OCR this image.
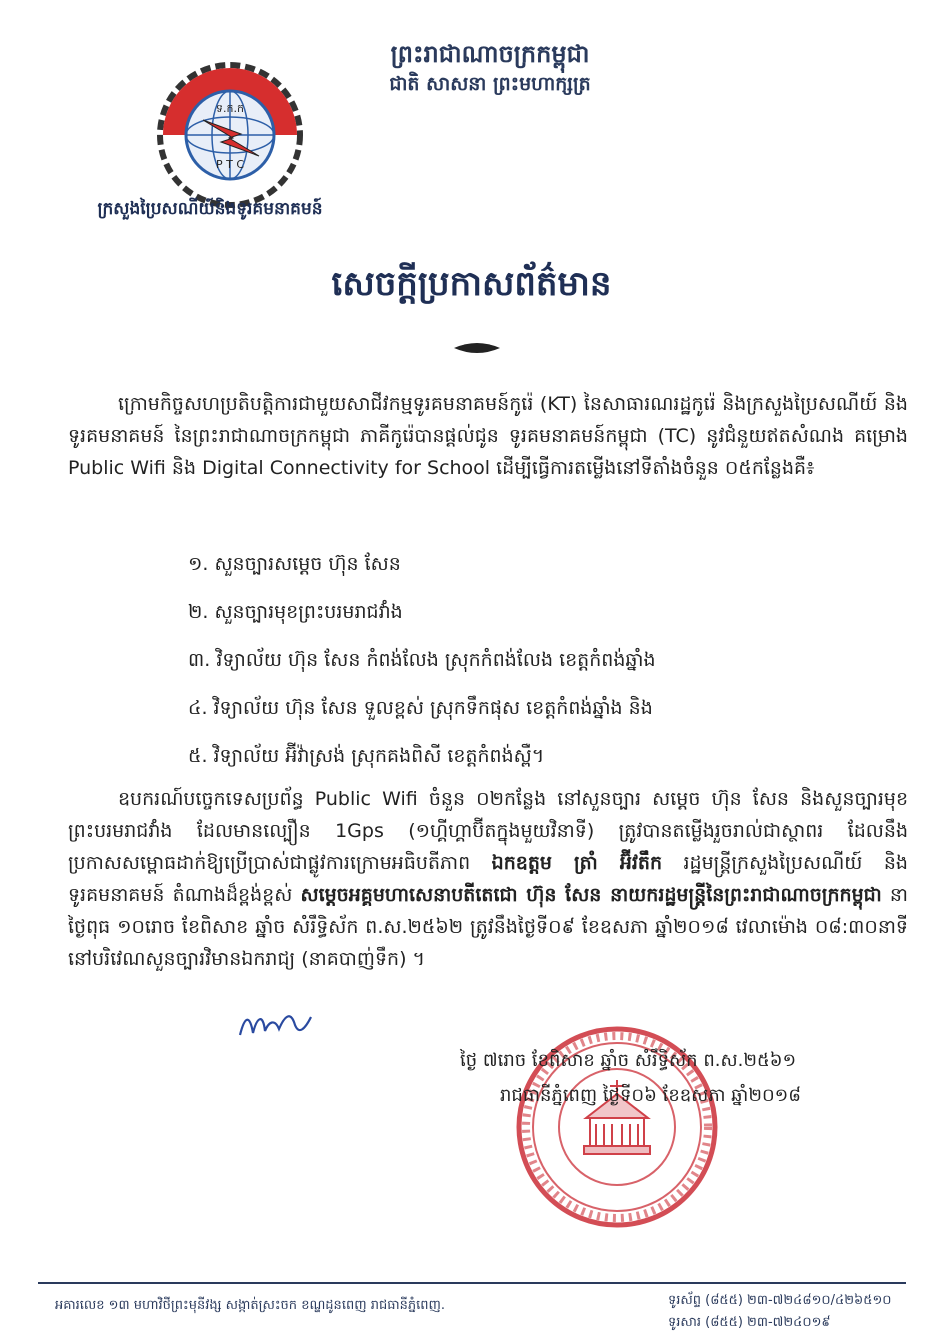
ព្រះរាជាណាចក្រកម្ពុជា
ជាតិ សាសនា ព្រះមហាក្សត្រ
ទ.ក.ក
P T C
ក្រសួងប្រៃសណីយ៍និងទូរគមនាគមន៍
សេចក្តីប្រកាសព័ត៌មាន
ក្រោមកិច្ចសហប្រតិបត្តិការជាមួយសាជីវកម្មទូរគមនាគមន៍កូរ៉េ (KT) នៃសាធារណរដ្ឋកូរ៉េ និងក្រសួងប្រៃសណីយ៍ និង ទូរគមនាគមន៍ នៃព្រះរាជាណាចក្រកម្ពុជា ភាគីកូរ៉េបានផ្តល់ជូន ទូរគមនាគមន៍កម្ពុជា (TC) នូវជំនួយឥតសំណង គម្រោង Public Wifi និង Digital Connectivity for School ដើម្បីធ្វើការតម្លើងនៅទីតាំងចំនួន ០៥កន្លែងគឺ៖
១. សួនច្បារសម្តេច ហ៊ុន សែន
២. សួនច្បារមុខព្រះបរមរាជវាំង
៣. វិទ្យាល័យ ហ៊ុន សែន កំពង់លែង ស្រុកកំពង់លែង ខេត្តកំពង់ឆ្នាំង
៤. វិទ្យាល័យ ហ៊ុន សែន ទួលខ្ពស់ ស្រុកទឹកផុស ខេត្តកំពង់ឆ្នាំង និង
៥. វិទ្យាល័យ អ៊ីវ៉ាស្រង់ ស្រុកគងពិសី ខេត្តកំពង់ស្ពឺ។
ឧបករណ៍បច្ចេកទេសប្រព័ន្ធ Public Wifi ចំនួន ០២កន្លែង នៅសួនច្បារ សម្តេច ហ៊ុន សែន និងសួនច្បារមុខព្រះបរមរាជវាំង ដែលមានល្បឿន 1Gps (១ហ្គីហ្គាប៊ីតក្នុងមួយវិនាទី) ត្រូវបានតម្លើងរួចរាល់ជាស្ថាពរ ដែលនឹងប្រកាសសម្ពោធដាក់ឱ្យប្រើប្រាស់ជាផ្លូវការក្រោមអធិបតីភាព ឯកឧត្តម ត្រាំ អ៊ីវតឹក រដ្ឋមន្ត្រីក្រសួងប្រៃសណីយ៍ និងទូរគមនាគមន៍ តំណាងដ៏ខ្ពង់ខ្ពស់ សម្តេចអគ្គមហាសេនាបតីតេជោ ហ៊ុន សែន នាយករដ្ឋមន្ត្រីនៃព្រះរាជាណាចក្រកម្ពុជា នាថ្ងៃពុធ ១០រោច ខែពិសាខ ឆ្នាំច សំរឹទ្ធិស័ក ព.ស.២៥៦២ ត្រូវនឹងថ្ងៃទី០៩ ខែឧសភា ឆ្នាំ២០១៨ វេលាម៉ោង ០៨:៣០នាទី នៅបរិវេណសួនច្បារវិមានឯករាជ្យ (នាគបាញ់ទឹក) ។
ថ្ងៃ ៧រោច ខែពិសាខ ឆ្នាំច សំរឹទ្ធិស័ក ព.ស.២៥៦១
រាជធានីភ្នំពេញ ថ្ងៃទី០៦ ខែឧសភា ឆ្នាំ២០១៨
អគារលេខ ១៣ មហាវិថីព្រះមុនីវង្ស សង្កាត់ស្រះចក ខណ្ឌដូនពេញ រាជធានីភ្នំពេញ.	ទូរស័ព្ទ (៨៥៥) ២៣-៧២៤៨១០/៤២៦៥១០
ទូរសារ (៨៥៥) ២៣-៧២៤០១៩
